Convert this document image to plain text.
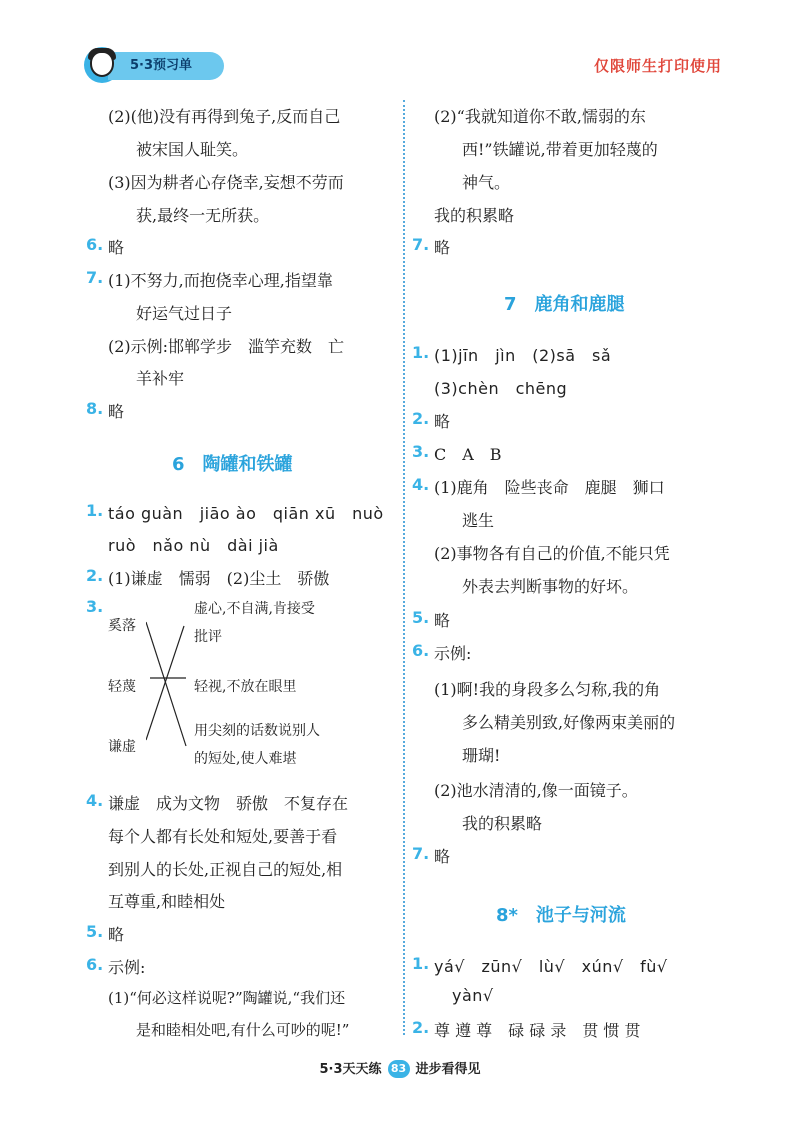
5·3预习单	仅限师生打印使用
(2)(他)没有再得到兔子,反而自己
被宋国人耻笑。
(3)因为耕者心存侥幸,妄想不劳而
获,最终一无所获。
6. 略
7. (1)不努力,而抱侥幸心理,指望靠
好运气过日子
(2)示例:邯郸学步　滥竽充数　亡
羊补牢
8. 略
6　陶罐和铁罐
1. táo guàn　jiāo ào　qiān xū　nuò
ruò　nǎo nù　dài jià
2. (1)谦虚　懦弱　(2)尘土　骄傲
3.
奚落
轻蔑
谦虚
虚心,不自满,肯接受
批评
轻视,不放在眼里
用尖刻的话数说别人
的短处,使人难堪
4. 谦虚　成为文物　骄傲　不复存在
每个人都有长处和短处,要善于看
到别人的长处,正视自己的短处,相
互尊重,和睦相处
5. 略
6. 示例:
(1)“何必这样说呢?”陶罐说,“我们还
是和睦相处吧,有什么可吵的呢!”
(2)“我就知道你不敢,懦弱的东
西!”铁罐说,带着更加轻蔑的
神气。
我的积累略
7. 略
7　鹿角和鹿腿
1. (1)jīn　jìn　(2)sā　sǎ
(3)chèn　chēng
2. 略
3. C　A　B
4. (1)鹿角　险些丧命　鹿腿　狮口
逃生
(2)事物各有自己的价值,不能只凭
外表去判断事物的好坏。
5. 略
6. 示例:
(1)啊!我的身段多么匀称,我的角
多么精美别致,好像两束美丽的
珊瑚!
(2)池水清清的,像一面镜子。
我的积累略
7. 略
8*　池子与河流
1. yá√　zūn√　lù√　xún√　fù√
yàn√
2. 尊 遵 尊　碌 碌 录　贯 惯 贯
5·3天天练 83 进步看得见
